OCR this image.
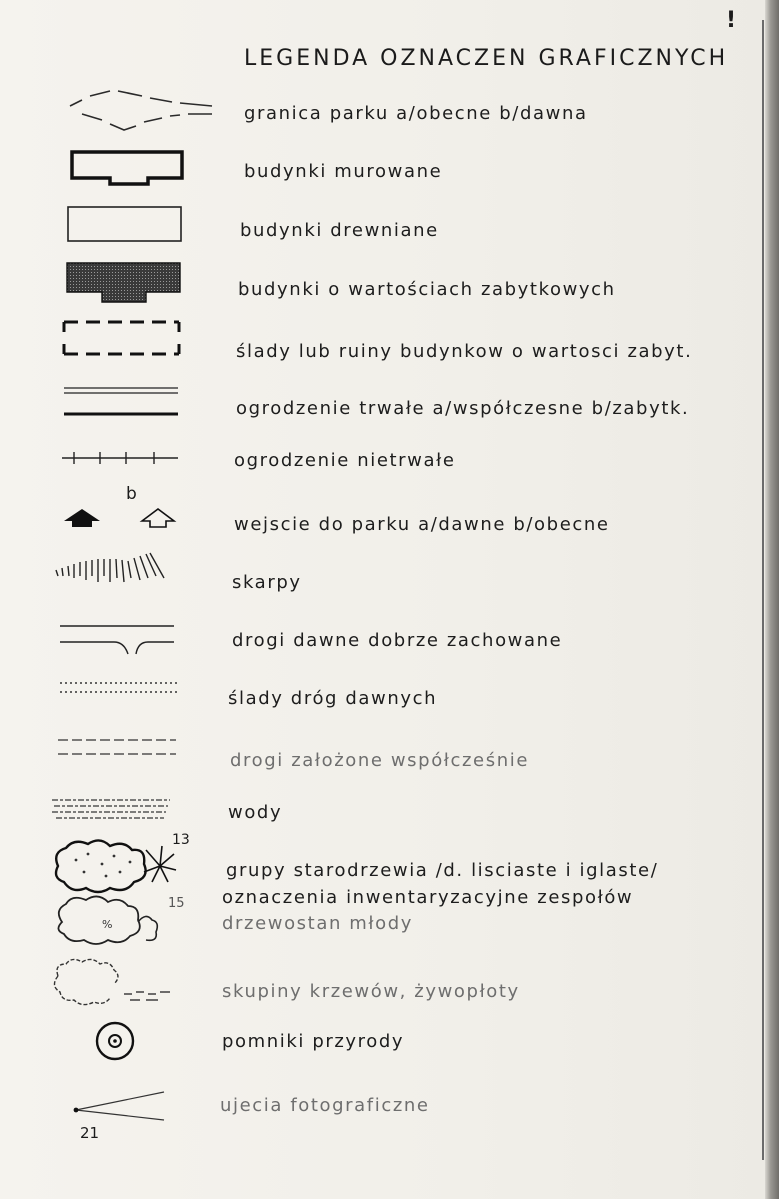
!
LEGENDA OZNACZEN GRAFICZNYCH
granica parku a/obecne b/dawna
budynki murowane
budynki drewniane
budynki o wartościach zabytkowych
ślady lub ruiny budynkow o wartosci zabyt.
ogrodzenie trwałe a/współczesne b/zabytk.
ogrodzenie nietrwałe
b
wejscie do parku a/dawne b/obecne
skarpy
drogi dawne dobrze zachowane
ślady dróg dawnych
drogi założone współcześnie
wody
13
15
%
grupy starodrzewia /d. lisciaste i iglaste/
oznaczenia inwentaryzacyjne zespołów
drzewostan młody
skupiny krzewów, żywopłoty
pomniki przyrody
21
ujecia fotograficzne
